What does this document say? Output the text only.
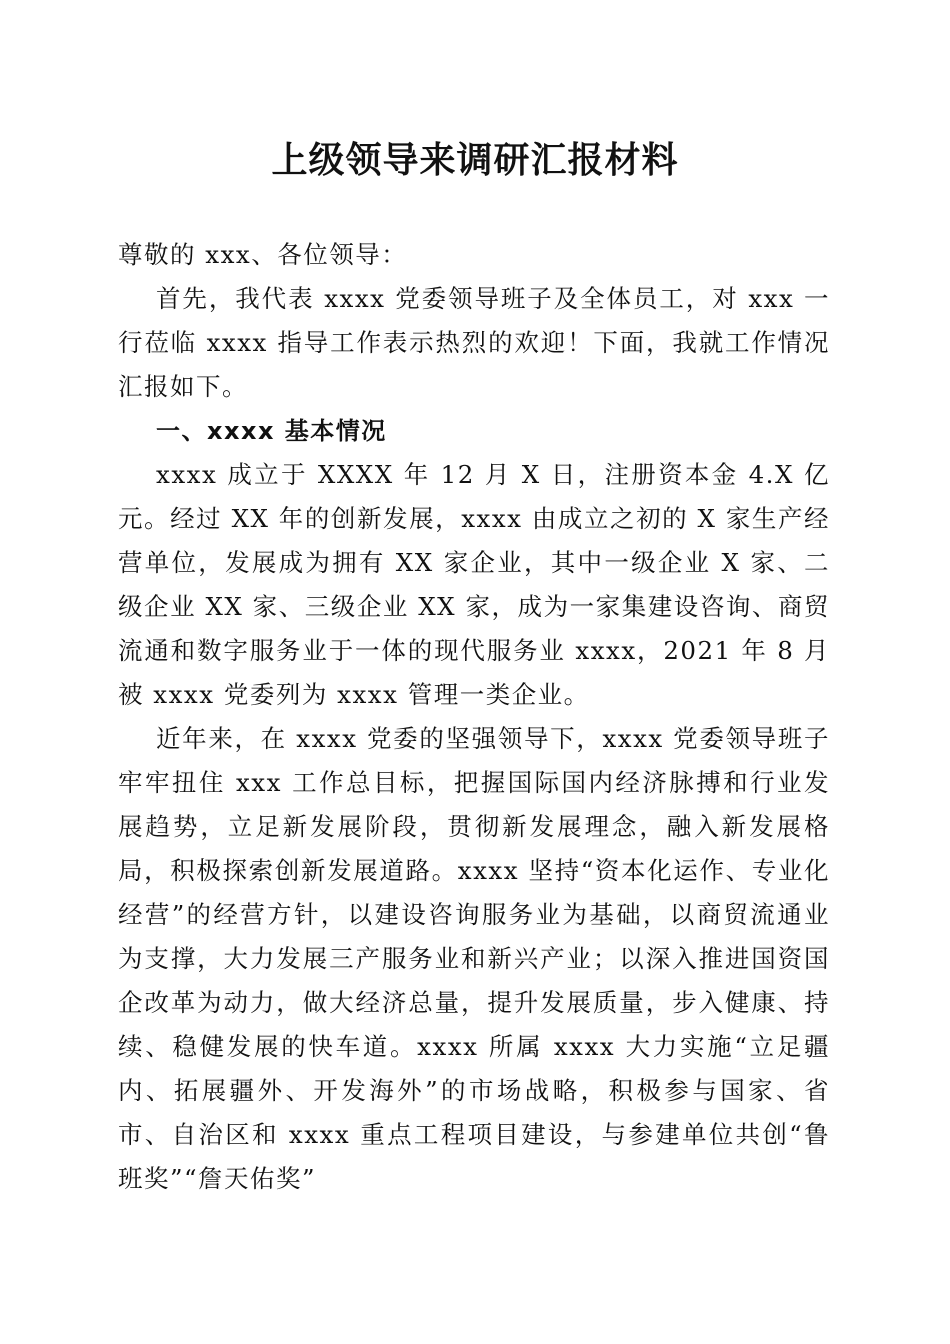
上级领导来调研汇报材料

尊敬的 xxx、各位领导：

首先，我代表 xxxx 党委领导班子及全体员工，对 xxx 一行莅临 xxxx 指导工作表示热烈的欢迎！下面，我就工作情况汇报如下。

一、xxxx 基本情况

xxxx 成立于 XXXX 年 12 月 X 日，注册资本金 4.X 亿元。经过 XX 年的创新发展，xxxx 由成立之初的 X 家生产经营单位，发展成为拥有 XX 家企业，其中一级企业 X 家、二级企业 XX 家、三级企业 XX 家，成为一家集建设咨询、商贸流通和数字服务业于一体的现代服务业 xxxx，2021 年 8 月被 xxxx 党委列为 xxxx 管理一类企业。

近年来，在 xxxx 党委的坚强领导下，xxxx 党委领导班子牢牢扭住 xxx 工作总目标，把握国际国内经济脉搏和行业发展趋势，立足新发展阶段，贯彻新发展理念，融入新发展格局，积极探索创新发展道路。xxxx 坚持“资本化运作、专业化经营”的经营方针，以建设咨询服务业为基础，以商贸流通业为支撑，大力发展三产服务业和新兴产业；以深入推进国资国企改革为动力，做大经济总量，提升发展质量，步入健康、持续、稳健发展的快车道。xxxx 所属 xxxx 大力实施“立足疆内、拓展疆外、开发海外”的市场战略，积极参与国家、省市、自治区和 xxxx 重点工程项目建设，与参建单位共创“鲁班奖”“詹天佑奖”
